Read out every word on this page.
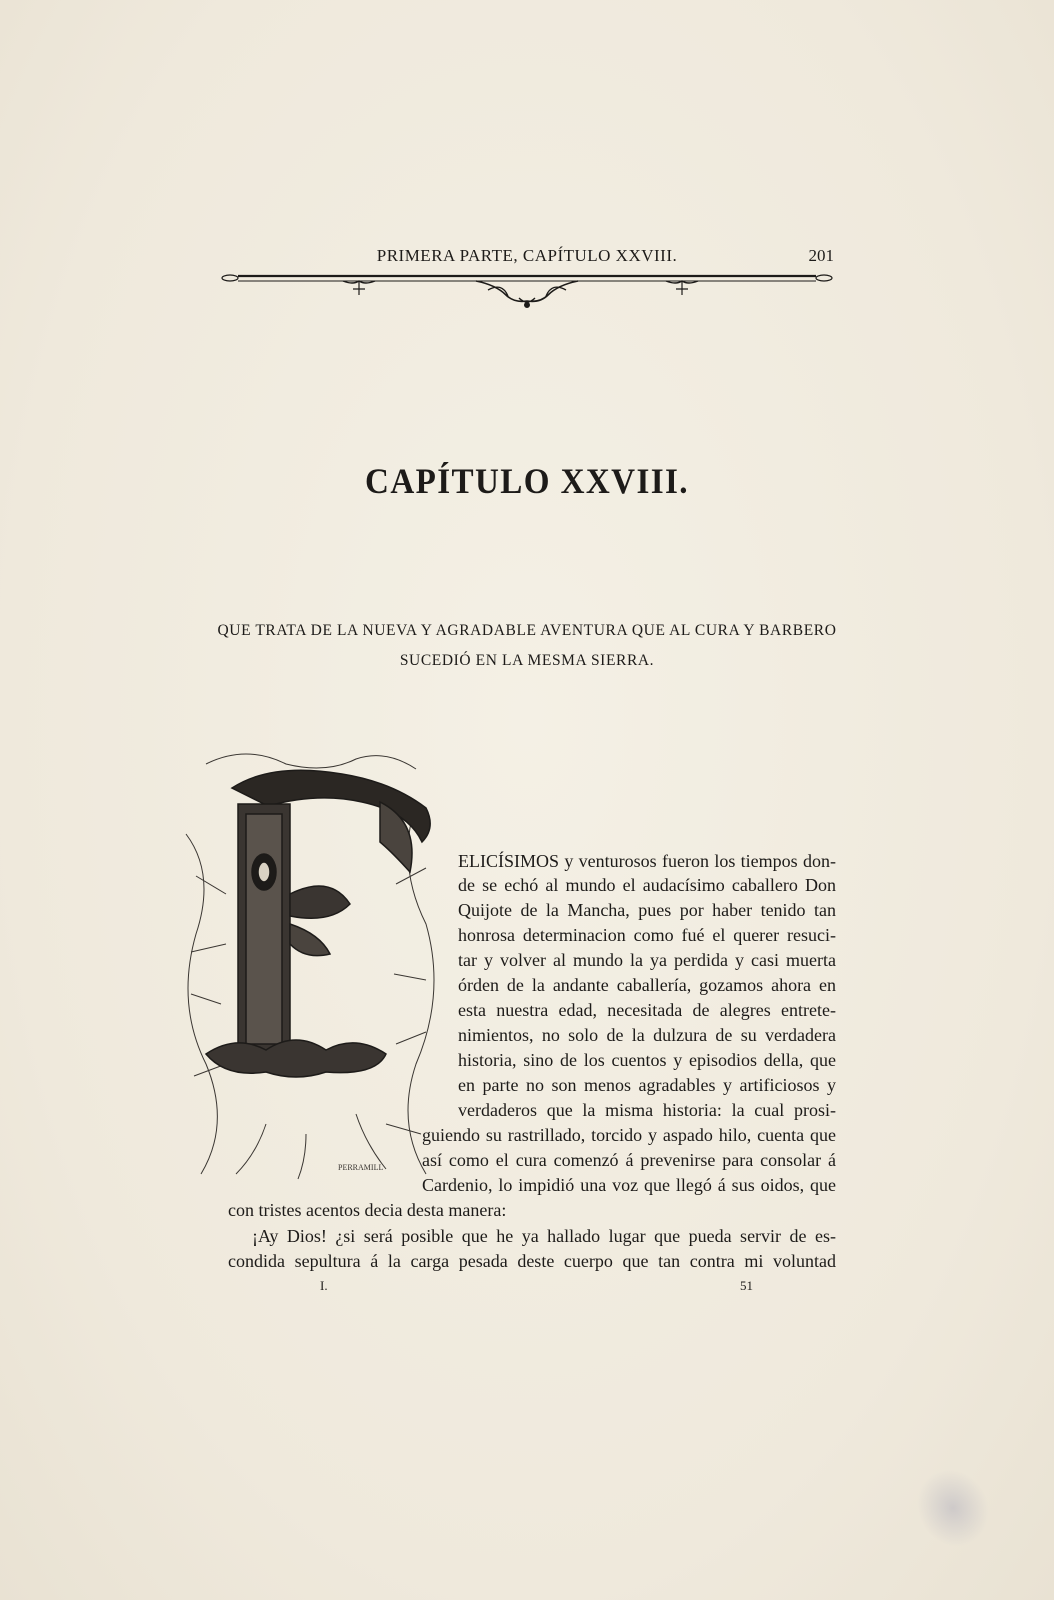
PRIMERA PARTE, CAPÍTULO XXVIII.	201
CAPÍTULO XXVIII.
QUE TRATA DE LA NUEVA Y AGRADABLE AVENTURA QUE AL CURA Y BARBERO
SUCEDIÓ EN LA MESMA SIERRA.
PERRAMILL
ELICÍSIMOS y venturosos fueron los tiempos don-
de se echó al mundo el audacísimo caballero Don
Quijote de la Mancha, pues por haber tenido tan
honrosa determinacion como fué el querer resuci-
tar y volver al mundo la ya perdida y casi muerta
órden de la andante caballería, gozamos ahora en
esta nuestra edad, necesitada de alegres entrete-
nimientos, no solo de la dulzura de su verdadera
historia, sino de los cuentos y episodios della, que
en parte no son menos agradables y artificiosos y
verdaderos que la misma historia: la cual prosi-
guiendo su rastrillado, torcido y aspado hilo, cuenta que
así como el cura comenzó á prevenirse para consolar á
Cardenio, lo impidió una voz que llegó á sus oidos, que
con tristes acentos decia desta manera:
¡Ay Dios! ¿si será posible que he ya hallado lugar que pueda servir de es-
condida sepultura á la carga pesada deste cuerpo que tan contra mi voluntad
I.	51
